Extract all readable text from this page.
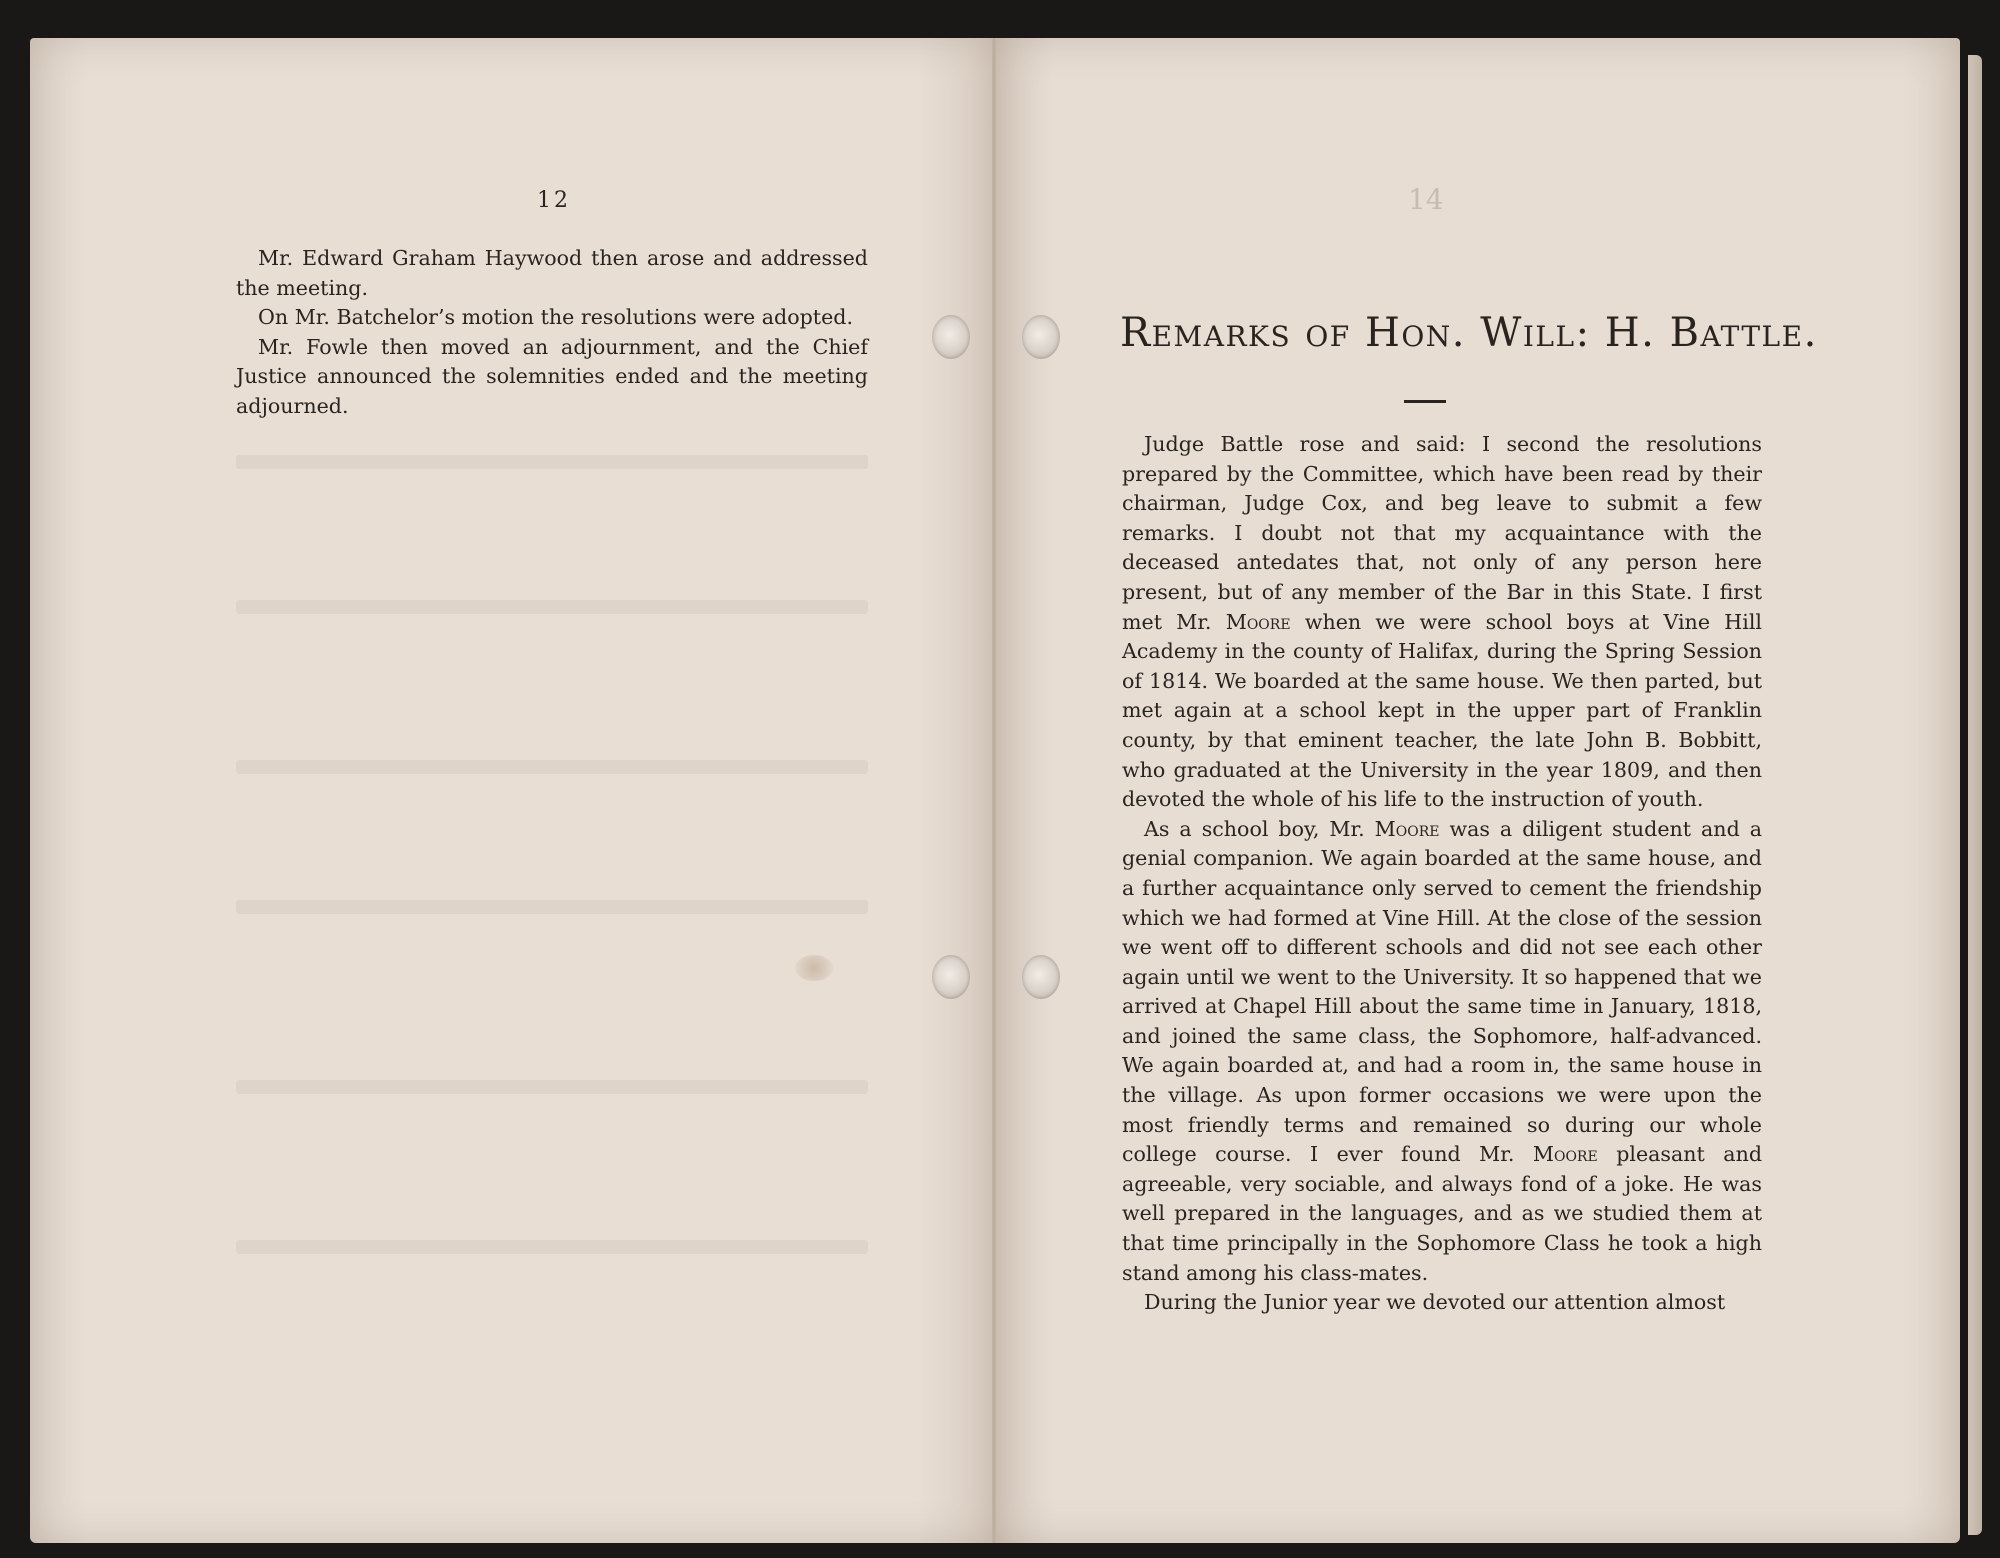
12	14

Mr. Edward Graham Haywood then arose and addressed the meeting.

On Mr. Batchelor’s motion the resolutions were adopted.

Mr. Fowle then moved an adjournment, and the Chief Justice announced the solemnities ended and the meeting adjourned.

Remarks of Hon. Will: H. Battle.

Judge Battle rose and said: I second the resolutions prepared by the Committee, which have been read by their chairman, Judge Cox, and beg leave to submit a few remarks. I doubt not that my acquaintance with the deceased antedates that, not only of any person here present, but of any member of the Bar in this State. I first met Mr. Moore when we were school boys at Vine Hill Academy in the county of Halifax, during the Spring Session of 1814. We boarded at the same house. We then parted, but met again at a school kept in the upper part of Franklin county, by that eminent teacher, the late John B. Bobbitt, who graduated at the University in the year 1809, and then devoted the whole of his life to the instruction of youth.

As a school boy, Mr. Moore was a diligent student and a genial companion. We again boarded at the same house, and a further acquaintance only served to cement the friendship which we had formed at Vine Hill. At the close of the session we went off to different schools and did not see each other again until we went to the University. It so happened that we arrived at Chapel Hill about the same time in January, 1818, and joined the same class, the Sophomore, half-advanced. We again boarded at, and had a room in, the same house in the village. As upon former occasions we were upon the most friendly terms and remained so during our whole college course. I ever found Mr. Moore pleasant and agreeable, very sociable, and always fond of a joke. He was well prepared in the languages, and as we studied them at that time principally in the Sophomore Class he took a high stand among his class-mates.

During the Junior year we devoted our attention almost
